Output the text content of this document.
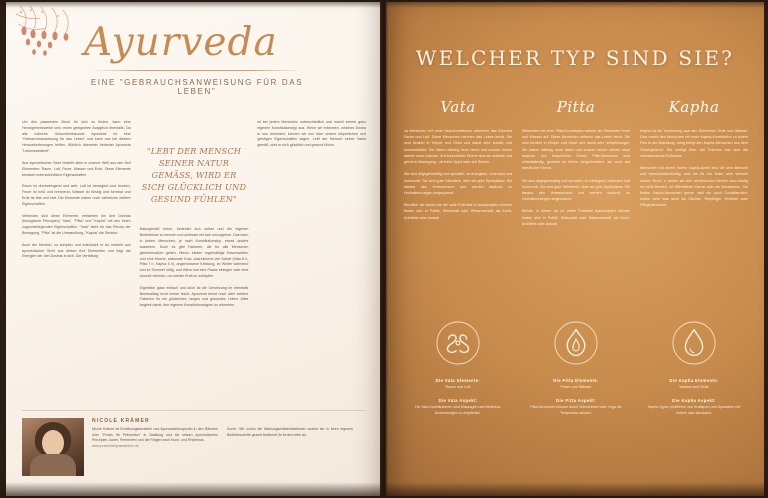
Ayurveda
EINE "GEBRAUCHSANWEISUNG FÜR DAS LEBEN"

Um den passenden Beruf für sich zu finden, kann eine Herangehensweise sein: einen geeigneten Ausgleich ebenfalls. Da alle indische Gesundheitskunde Ayurveda ist eine "Gebrauchsanweisung für das Leben" und kann uns bei diesem Herausforderungen helfen. Wörtlich übersetzt bedeutet Ayurveda "Lebensweisheit".

Aus ayurvedischer Sicht besteht alles in unserer Welt aus den fünf Elementen: Raum, Luft, Feuer, Wasser und Erde. Diese Elemente besitzen unterschiedliche Eigenschaften.

Raum ist durchdringend und weit, Luft ist beweglich und trocken, Feuer ist heiß und brennend, Wasser ist flüssig und formbar und Erde ist fest und hart. Die Elemente haben noch zahlreiche weitere Eigenschaften.

Verbinden sich diese Elemente, entstehen die drei Doshas (biologische Prinzipien) "Vata", "Pitta" und "Kapha" mit den ihnen zugrundeliegenden Eigenschaften. "Vata" steht für das Prinzip der Bewegung, "Pitta" ist die Umwandlung, "Kapha" die Struktur.

Auch der Mensch, so komplex und individuell er ist, besteht aus ayurvedischer Sicht aus diesen fünf Elementen und folgt die Energien der drei Doshas in sich. Die Verteilung

"LEBT DER MENSCH SEINER NATUR GEMÄSS, WIRD ER SICH GLÜCKLICH UND GESUND FÜHLEN"

Naturgemäß leben, bedeutet sich selbst und die eigenen Bedürfnisse zu kennen und achtsam mit sich umzugehen. Das kann in jedem Menschen, je nach Konstitutionstyp, etwas anders aussehen. Doch es gibt Faktoren, die für alle Menschen gleichermaßen gelten. Hierzu zählen regelmäßige Essenszeiten und eine frische, saisonale Kost, ausreichend viel Schlaf (Vata 8 h, Pitta 7 h, Kapha 6 h), angemessene Kleidung, im Winter wärmend und im Sommer luftig, und öfters mal eine Pause einlegen oder eine Auszeit nehmen, um wieder Kraft zu schöpfen.

Eigentlich ganz einfach und doch ist die Umsetzung im ebenfalls Berufsalltag nicht immer leicht. Ayurveda kennt noch viele weitere Faktoren für ein glückliches, langes und gesundes Leben. Alles beginnt damit, den eigenen Konstitutionstypen zu erkennen.

ist bei jedem Menschen unterschiedlich und macht seinen ganz eigenen Konstitutionstyp aus. Wenn wir erkennen, welches Dosha in uns dominiert, können wir uns über unsere körperlichen und geistigen Eigenschaften sagen. Lebt der Mensch seiner Natur gemäß, wird er sich glücklich und gesund fühlen.

NICOLE KRÄMER

Nicole Krämer ist Ernährungsberaterin und Ayurvedatherapeutin in den Räumen über "Praxis für Prävention" in Saalburg und sie setzen ayurvedischen Prinzipien, kuren, Fermenten und die Fragen nach Koch- und Rhythmus.

Kuren. Wir schon die Nahrungsmittelrezitationen zudem sie in Ihren eigenen Bedürfnisdurfte gezielt bestimmt ihr lernen reihn an.

www.praxisfuerpraevention.de
WELCHER TYP SIND SIE?
Vata

Ja Menschen mit einer Vata-Konstitution erkennen das Element Raum und Luft. Diese Menschen nehmen das Leben leicht. Sie sind flexibel in Körper und Geist und damit sehr kreativ und kommunikativ. Sie haben ständig neue Ideen und suchen immer wieder neue Impulse. Auf körperlicher Ebene sind sie schlank und gerne in Bewegung - ob beim Sport oder auf Reisen.

Sie sind allgegenwärtig und sprudeln, so energisch, charmant und humorvoll. Sie sind gute Talentiere, aber sie gute Sportplaner. Sie daraus den Vertrauensort und werden dadurch zu Hochstimmungen angespannt.

Beruflich sie denen sie die volle Potential in ausschöpfen können finden sich in Politik, Wirtschaft oder Wissenschaft, als Koch, Architekt oder Anwalt.

Pitta

Menschen mit einer Pitta-Konstitution weisen die Elemente Feuer und Wasser auf. Diese Menschen nehmen das Leben leicht. Sie sind flexibel in Körper und Geist und damit sehr scharfsinniger. Sie haben ständig neue Ideen und suchen immer wieder neue Impulse. Auf körperlicher Ebene Pitta-Menschen sind selbstständig, gewinnt an ihrem zielgerichteten, als auch auf beruflicher Ebene.

Sie sind allgegenwärtig und sprudeln, so intelligent, charmant und humorvoll. Sie sind gute Talentierte, aber sie gute Sportplaner. Sie daraus den Vertrauensort und werden dadurch zu Hochstimmungen angespannt.

Berufe, in denen sie ihr volles Potential ausschöpfen können finden sich in Politik, Wirtschaft oder Wissenschaft, als Koch, Architekt oder Anwalt.

Kapha

Kapha ist die Verbindung aus den Elementen Erde und Wasser. Dies macht den Menschen mit einer Kapha-Konstitution zu einem Fels in der Brandung, ruhig bringt den Kapha-Menschen aus dem Gleichgewicht. Sie verfügt über viel Toleranz und sind die vertrauensvolle Ruhepole.

Menschen mit einem hohen Kapha-Anteil sind oft sehr liebevoll und harmonieebedürftig, was sie für ein Team sehr wertvoll macht. Beruf, in denen sie sich verwirklichen können sind häufig im HZW-Bereich, im öffentlichen Dienst oder als Bankwesen. Sie finden Kapha-Menschen gerne, weil sie auch Sozialberufen, finden viele was auch als Gärtner, Tierpfleger, Erzieher oder Pflegepersonen.

Die Vata Elemente:
Raum und Luft
Die Vata Aspekt:
Für Vata-Konstitutionen sind Massagen und Wellness-Anwendungen zu empfehlen.
Die Pitta Elemente:
Feuer und Wasser
Die Pitta Aspekt:
Pitta-Menschen können durch Schwimmen oder Yoga die Temperatur senken.
Die Kapha Elemente:
Wasser und Erde
Die Kapha Aspekt:
Kapha-Typen profitieren von Kraftsport und Sportarten mit hohem oder Ausdauer.
